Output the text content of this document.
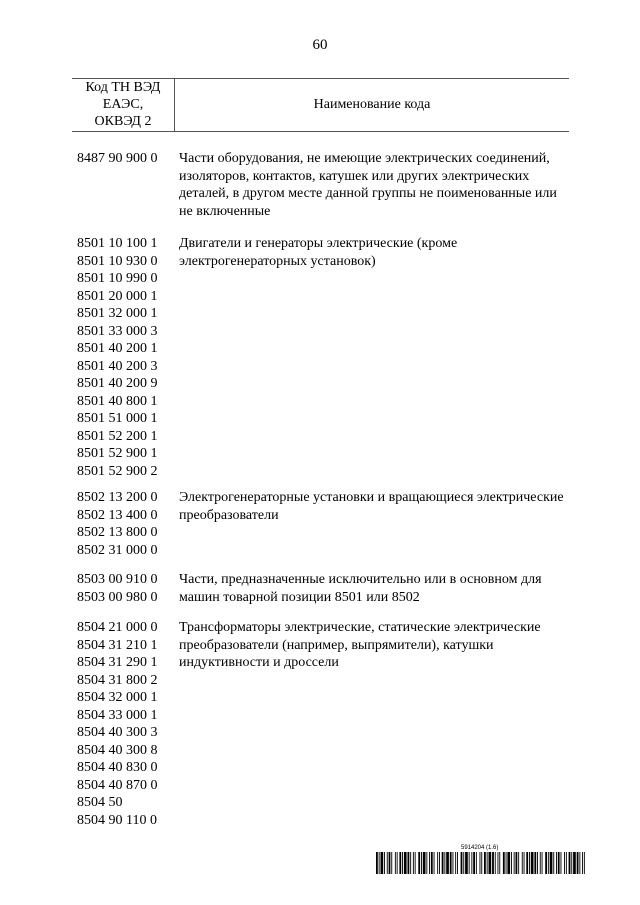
60
Код ТН ВЭД
ЕАЭС,
ОКВЭД 2
Наименование кода
8487 90 900 0	Части оборудования, не имеющие электрических соединений, изоляторов, контактов, катушек или других электрических деталей, в другом месте данной группы не поименованные или не включенные
8501 10 100 1
8501 10 930 0
8501 10 990 0
8501 20 000 1
8501 32 000 1
8501 33 000 3
8501 40 200 1
8501 40 200 3
8501 40 200 9
8501 40 800 1
8501 51 000 1
8501 52 200 1
8501 52 900 1
8501 52 900 2
Двигатели и генераторы электрические (кроме электрогенераторных установок)
8502 13 200 0
8502 13 400 0
8502 13 800 0
8502 31 000 0
Электрогенераторные установки и вращающиеся электрические преобразователи
8503 00 910 0
8503 00 980 0
Части, предназначенные исключительно или в основном для машин товарной позиции 8501 или 8502
8504 21 000 0
8504 31 210 1
8504 31 290 1
8504 31 800 2
8504 32 000 1
8504 33 000 1
8504 40 300 3
8504 40 300 8
8504 40 830 0
8504 40 870 0
8504 50
8504 90 110 0
Трансформаторы электрические, статические электрические преобразователи (например, выпрямители), катушки индуктивности и дроссели
5914204 (1.6)
